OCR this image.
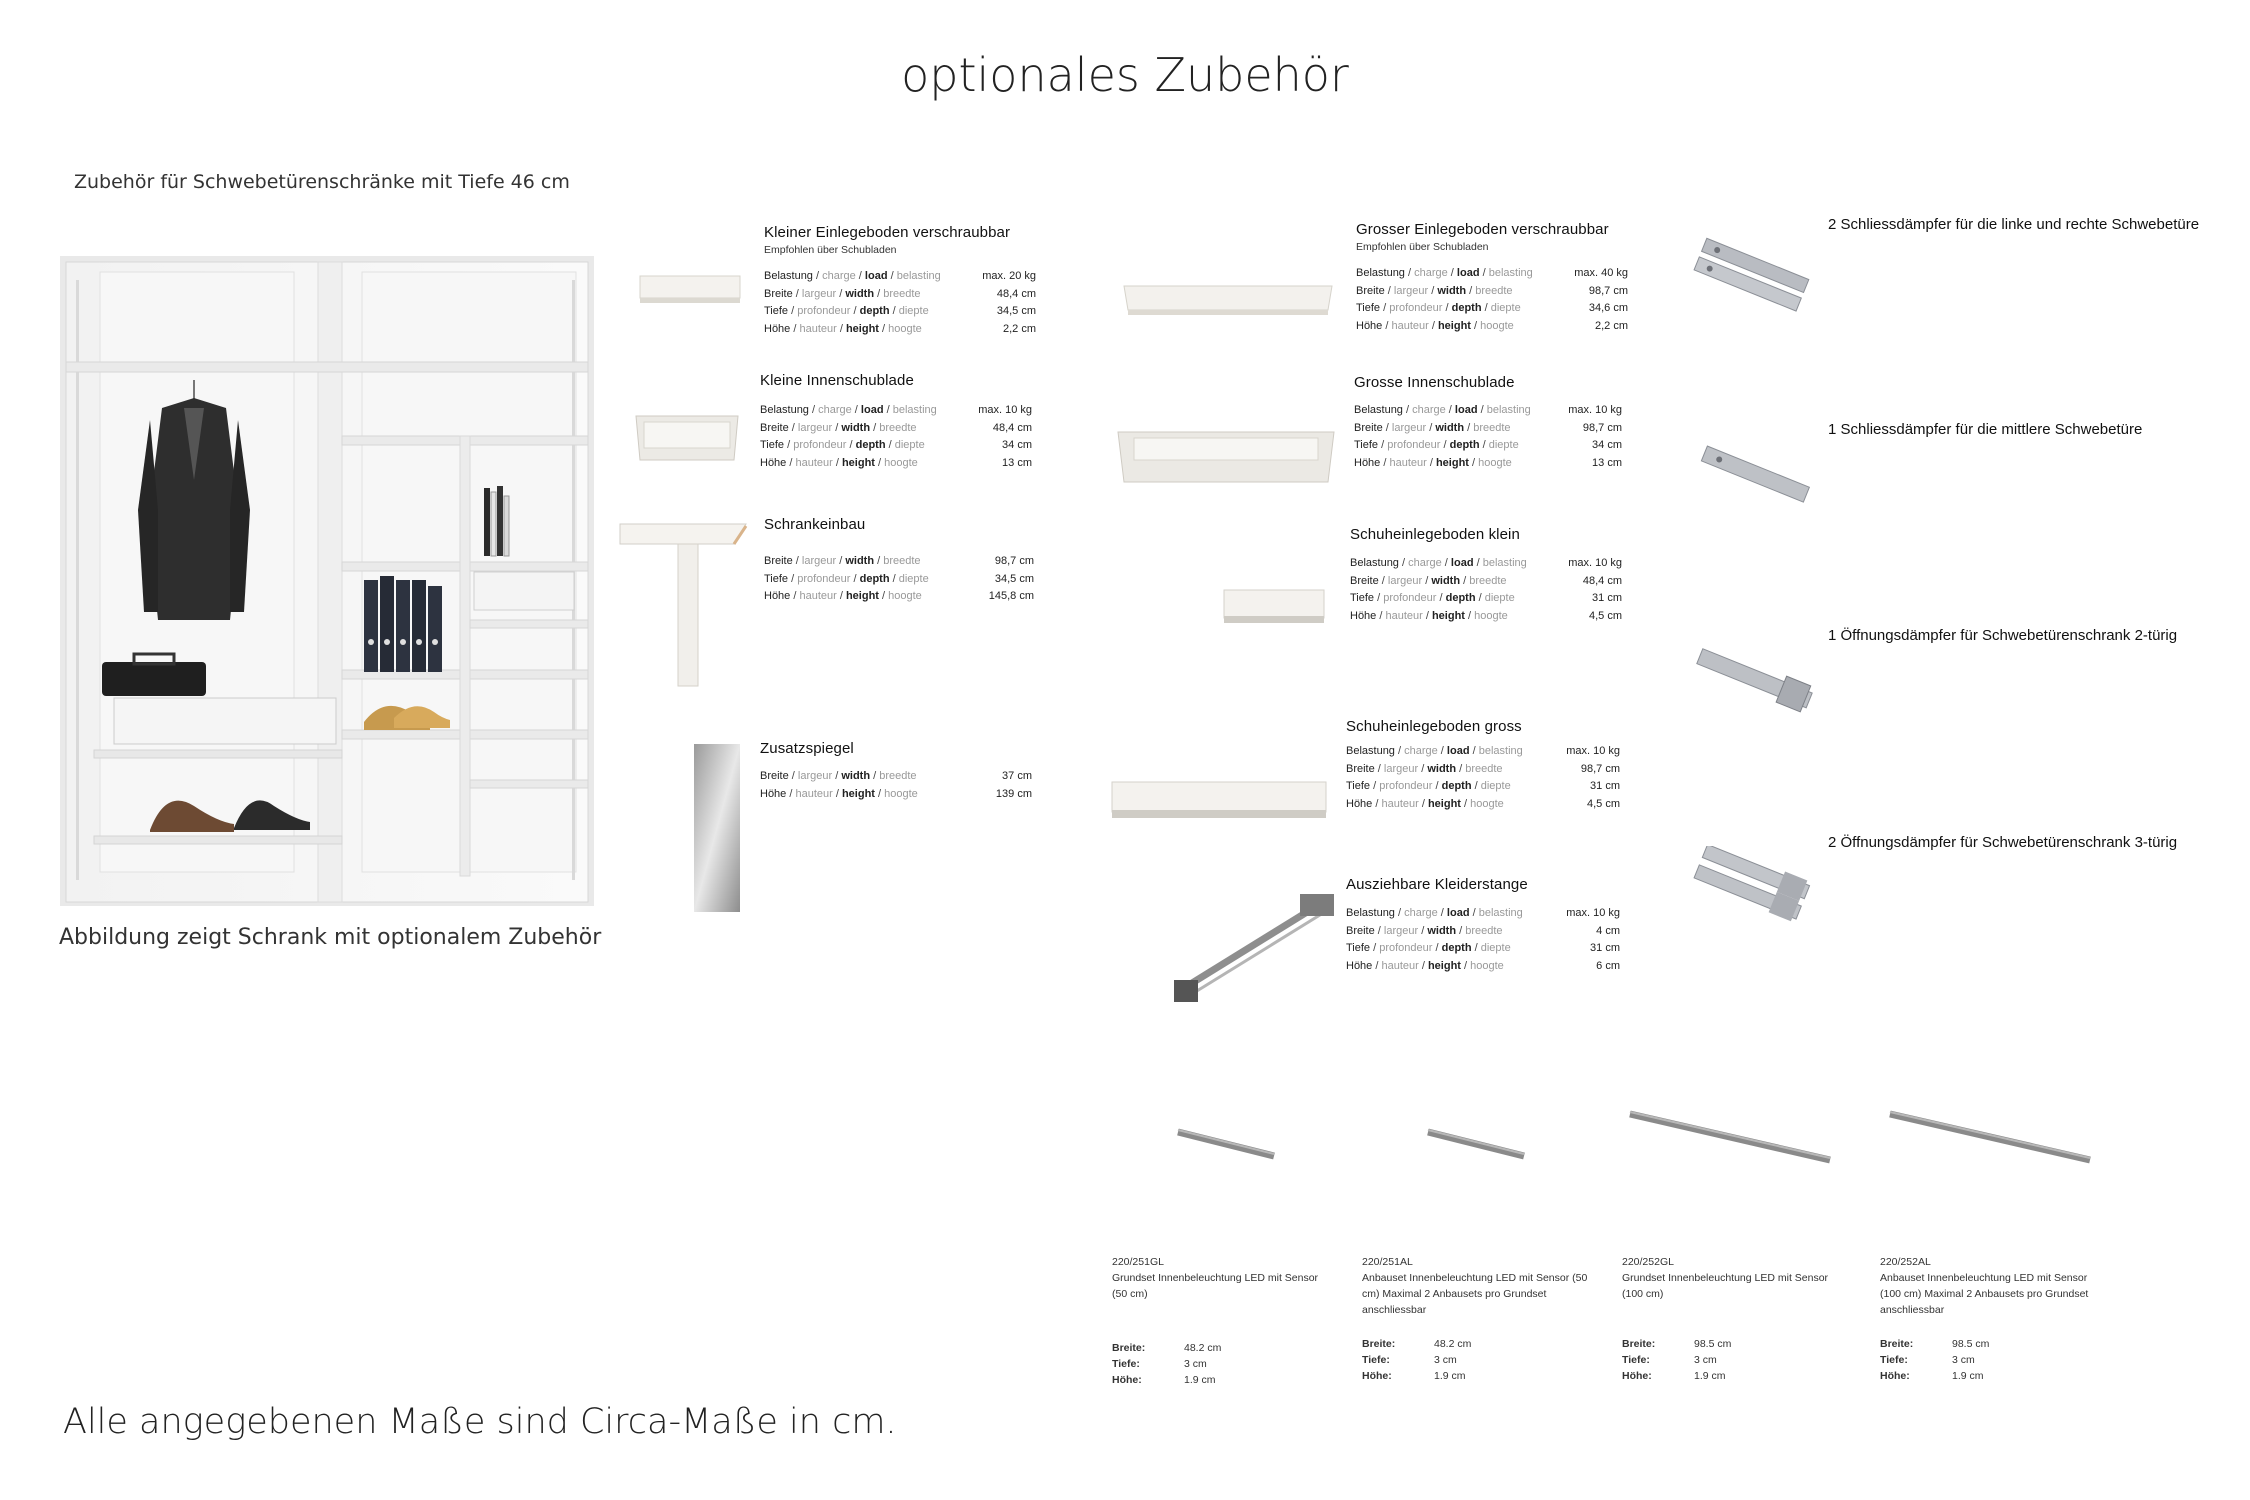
optionales Zubehör
Zubehör für Schwebetürenschränke mit Tiefe 46 cm
Abbildung zeigt Schrank mit optionalem Zubehör
Kleiner Einlegeboden verschraubbar
Empfohlen über Schubladen
Belastung / charge / load / belasting	max. 20 kg
Breite / largeur / width / breedte	48,4 cm
Tiefe / profondeur / depth / diepte	34,5 cm
Höhe / hauteur / height / hoogte	2,2 cm
Kleine Innenschublade
Belastung / charge / load / belasting	max. 10 kg
Breite / largeur / width / breedte	48,4 cm
Tiefe / profondeur / depth / diepte	34 cm
Höhe / hauteur / height / hoogte	13 cm
Schrankeinbau
Breite / largeur / width / breedte	98,7 cm
Tiefe / profondeur / depth / diepte	34,5 cm
Höhe / hauteur / height / hoogte	145,8 cm
Zusatzspiegel
Breite / largeur / width / breedte	37 cm
Höhe / hauteur / height / hoogte	139 cm
Grosser Einlegeboden verschraubbar
Empfohlen über Schubladen
Belastung / charge / load / belasting	max. 40 kg
Breite / largeur / width / breedte	98,7 cm
Tiefe / profondeur / depth / diepte	34,6 cm
Höhe / hauteur / height / hoogte	2,2 cm
Grosse Innenschublade
Belastung / charge / load / belasting	max. 10 kg
Breite / largeur / width / breedte	98,7 cm
Tiefe / profondeur / depth / diepte	34 cm
Höhe / hauteur / height / hoogte	13 cm
Schuheinlegeboden klein
Belastung / charge / load / belasting	max. 10 kg
Breite / largeur / width / breedte	48,4 cm
Tiefe / profondeur / depth / diepte	31 cm
Höhe / hauteur / height / hoogte	4,5 cm
Schuheinlegeboden gross
Belastung / charge / load / belasting	max. 10 kg
Breite / largeur / width / breedte	98,7 cm
Tiefe / profondeur / depth / diepte	31 cm
Höhe / hauteur / height / hoogte	4,5 cm
Ausziehbare Kleiderstange
Belastung / charge / load / belasting	max. 10 kg
Breite / largeur / width / breedte	4 cm
Tiefe / profondeur / depth / diepte	31 cm
Höhe / hauteur / height / hoogte	6 cm
2 Schliessdämpfer für die linke und rechte Schwebetüre
1 Schliessdämpfer für die mittlere Schwebetüre
1 Öffnungsdämpfer für Schwebetürenschrank 2-türig
2 Öffnungsdämpfer für Schwebetürenschrank 3-türig
220/251GL
Grundset Innenbeleuchtung LED mit Sensor (50 cm)
Breite:	48.2 cm
Tiefe:	3 cm
Höhe:	1.9 cm
220/251AL
Anbauset Innenbeleuchtung LED mit Sensor (50 cm) Maximal 2 Anbausets pro Grundset anschliessbar
Breite:	48.2 cm
Tiefe:	3 cm
Höhe:	1.9 cm
220/252GL
Grundset Innenbeleuchtung LED mit Sensor (100 cm)
Breite:	98.5 cm
Tiefe:	3 cm
Höhe:	1.9 cm
220/252AL
Anbauset Innenbeleuchtung LED mit Sensor (100 cm) Maximal 2 Anbausets pro Grundset anschliessbar
Breite:	98.5 cm
Tiefe:	3 cm
Höhe:	1.9 cm
Alle angegebenen Maße sind Circa-Maße in cm.
